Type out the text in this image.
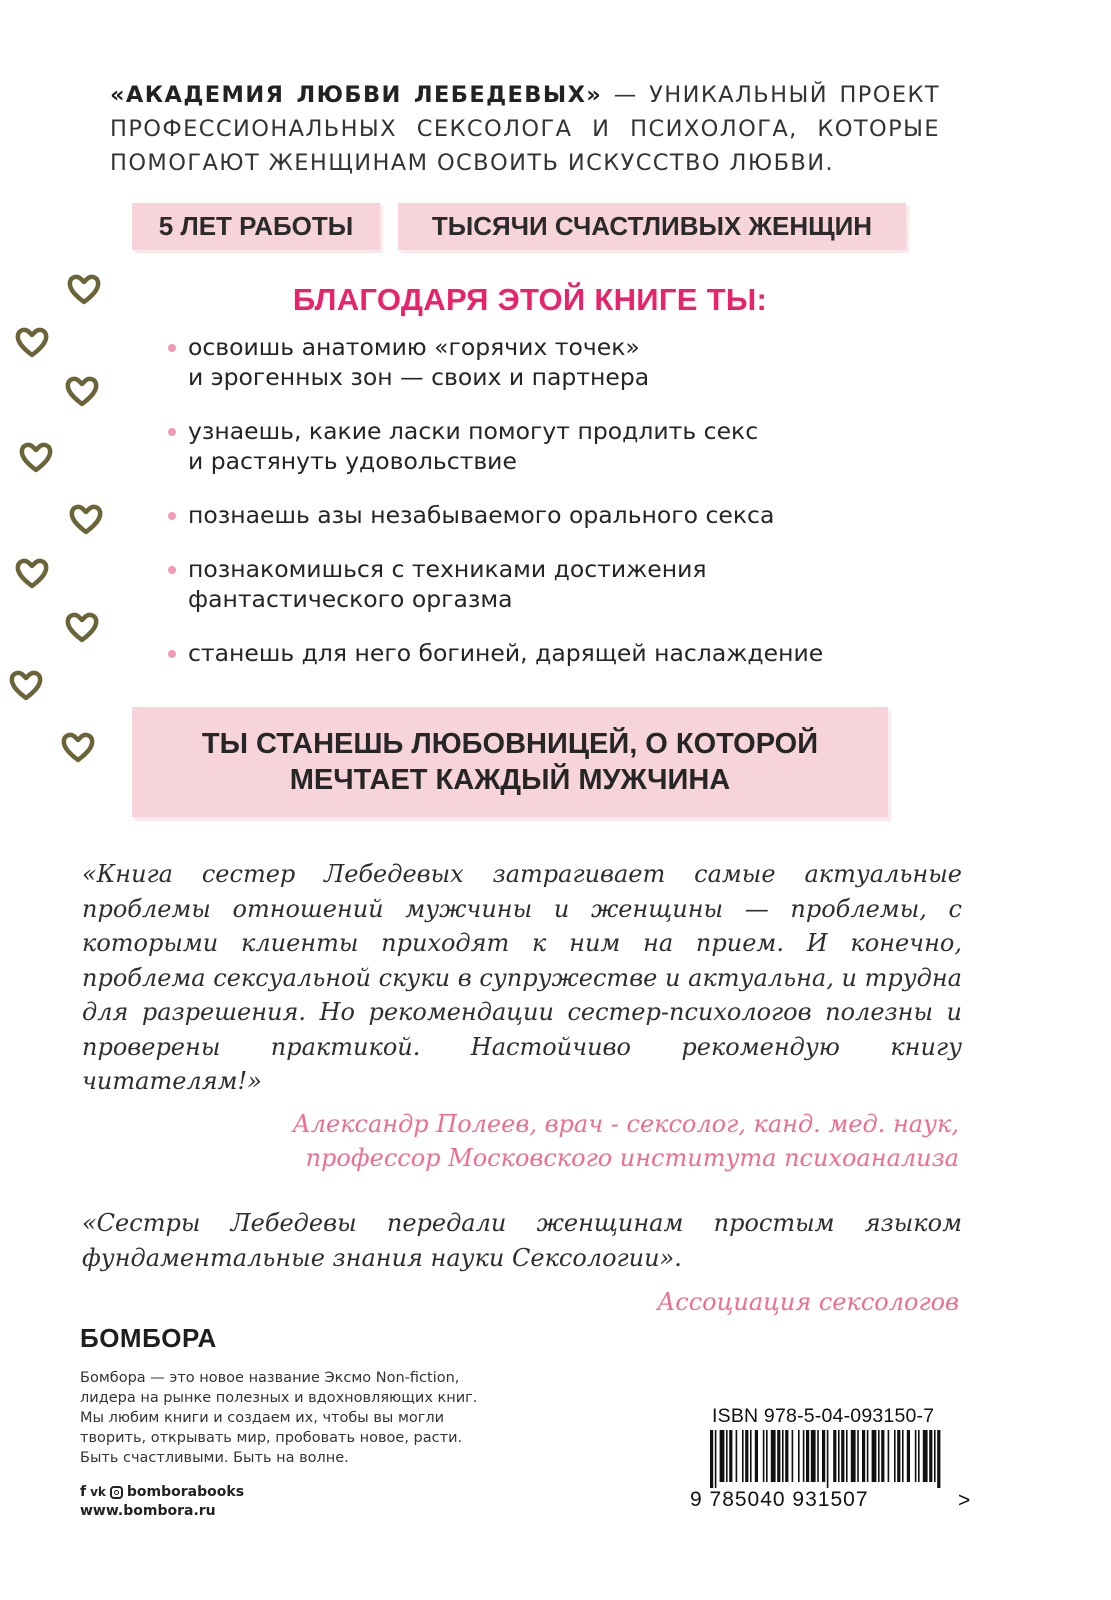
«АКАДЕМИЯ ЛЮБВИ ЛЕБЕДЕВЫХ» — УНИКАЛЬНЫЙ ПРОЕКТ ПРОФЕССИОНАЛЬНЫХ СЕКСОЛОГА И ПСИХОЛОГА, КОТОРЫЕ ПОМОГАЮТ ЖЕНЩИНАМ ОСВОИТЬ ИСКУССТВО ЛЮБВИ.
5 ЛЕТ РАБОТЫ	ТЫСЯЧИ СЧАСТЛИВЫХ ЖЕНЩИН
БЛАГОДАРЯ ЭТОЙ КНИГЕ ТЫ:
освоишь анатомию «горячих точек»
и эрогенных зон — своих и партнера
узнаешь, какие ласки помогут продлить секс
и растянуть удовольствие
познаешь азы незабываемого орального секса
познакомишься с техниками достижения
фантастического оргазма
станешь для него богиней, дарящей наслаждение
ТЫ СТАНЕШЬ ЛЮБОВНИЦЕЙ, О КОТОРОЙ
МЕЧТАЕТ КАЖДЫЙ МУЖЧИНА
«Книга сестер Лебедевых затрагивает самые актуальные проблемы отношений мужчины и женщины — проблемы, с которыми клиенты приходят к ним на прием. И конечно, проблема сексуальной скуки в супружестве и актуальна, и трудна для разрешения. Но рекомендации сестер-психологов полезны и проверены практикой. Настойчиво рекомендую книгу читателям!»
Александр Полеев, врач - сексолог, канд. мед. наук,
профессор Московского института психоанализа
«Сестры Лебедевы передали женщинам простым языком фундаментальные знания науки Сексологии».
Ассоциация сексологов
БОМБОРА
Бомбора — это новое название Эксмо Non-fiction,
лидера на рынке полезных и вдохновляющих книг.
Мы любим книги и создаем их, чтобы вы могли
творить, открывать мир, пробовать новое, расти.
Быть счастливыми. Быть на волне.
f vk bomborabooks
www.bombora.ru
ISBN 978-5-04-093150-7
9 785040 931507	>
